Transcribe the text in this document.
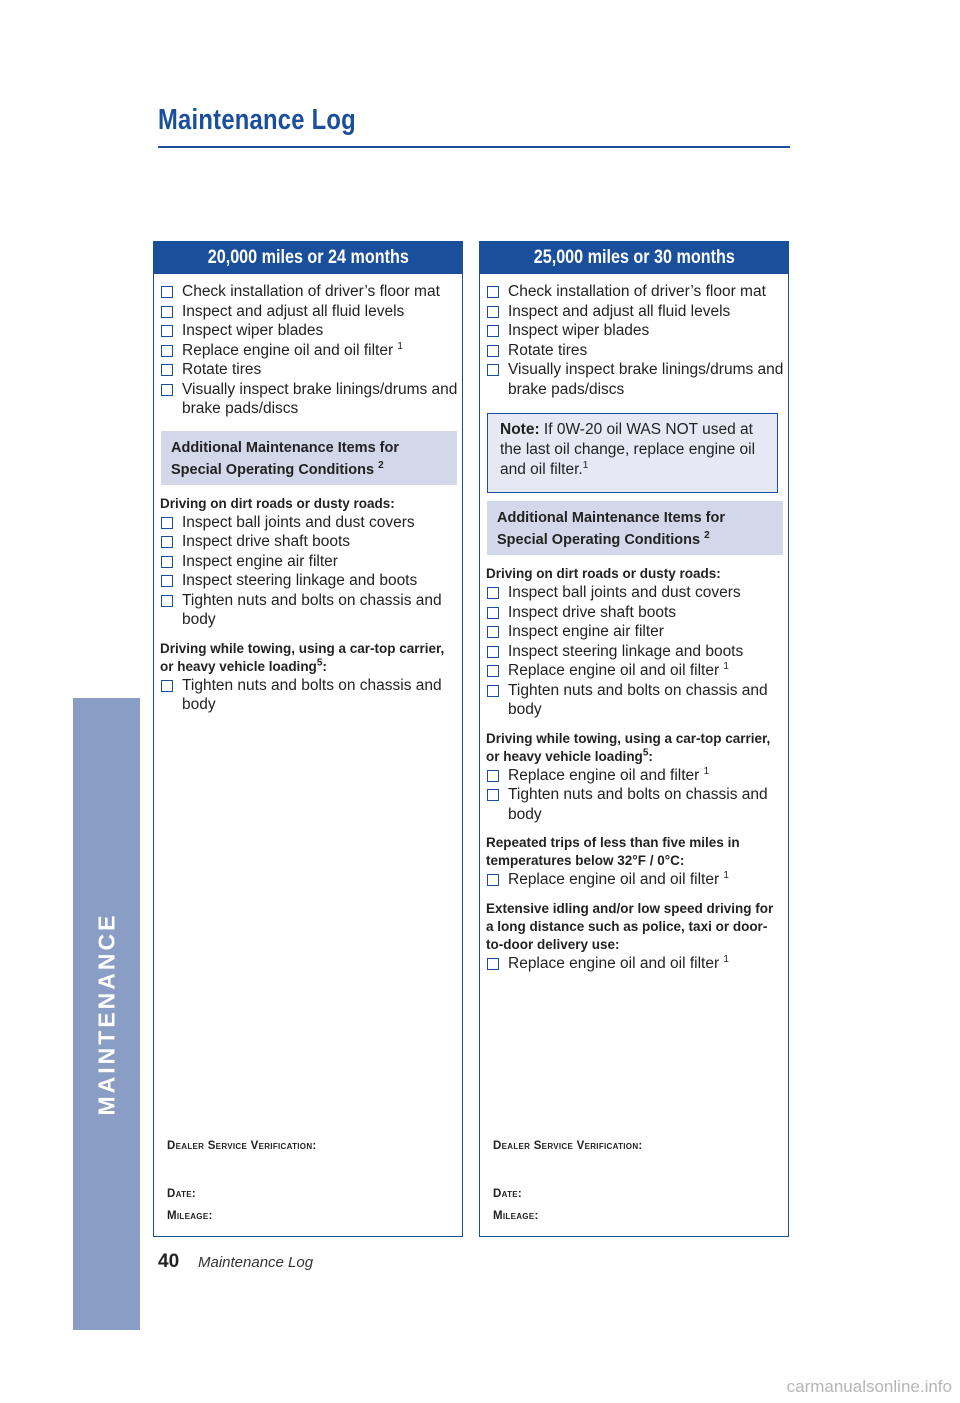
Maintenance Log
MAINTENANCE
20,000 miles or 24 months
Check installation of driver’s floor mat
Inspect and adjust all fluid levels
Inspect wiper blades
Replace engine oil and oil filter $^1$
Rotate tires
Visually inspect brake linings/drums and brake pads/discs
Additional Maintenance Items for Special Operating Conditions $^2$
Driving on dirt roads or dusty roads:
Inspect ball joints and dust covers
Inspect drive shaft boots
Inspect engine air filter
Inspect steering linkage and boots
Tighten nuts and bolts on chassis and body
Driving while towing, using a car-top carrier, or heavy vehicle loading$^5$:
Tighten nuts and bolts on chassis and body
Dealer Service Verification:
Date:
Mileage:
25,000 miles or 30 months
Check installation of driver’s floor mat
Inspect and adjust all fluid levels
Inspect wiper blades
Rotate tires
Visually inspect brake linings/drums and brake pads/discs
Note: If 0W-20 oil WAS NOT used at the last oil change, replace engine oil and oil filter.$^1$
Additional Maintenance Items for Special Operating Conditions $^2$
Driving on dirt roads or dusty roads:
Inspect ball joints and dust covers
Inspect drive shaft boots
Inspect engine air filter
Inspect steering linkage and boots
Replace engine oil and oil filter $^1$
Tighten nuts and bolts on chassis and body
Driving while towing, using a car-top carrier, or heavy vehicle loading$^5$:
Replace engine oil and filter $^1$
Tighten nuts and bolts on chassis and body
Repeated trips of less than five miles in temperatures below 32°F / 0°C:
Replace engine oil and oil filter $^1$
Extensive idling and/or low speed driving for a long distance such as police, taxi or door-to-door delivery use:
Replace engine oil and oil filter $^1$
Dealer Service Verification:
Date:
Mileage:
40 Maintenance Log
carmanualsonline.info
